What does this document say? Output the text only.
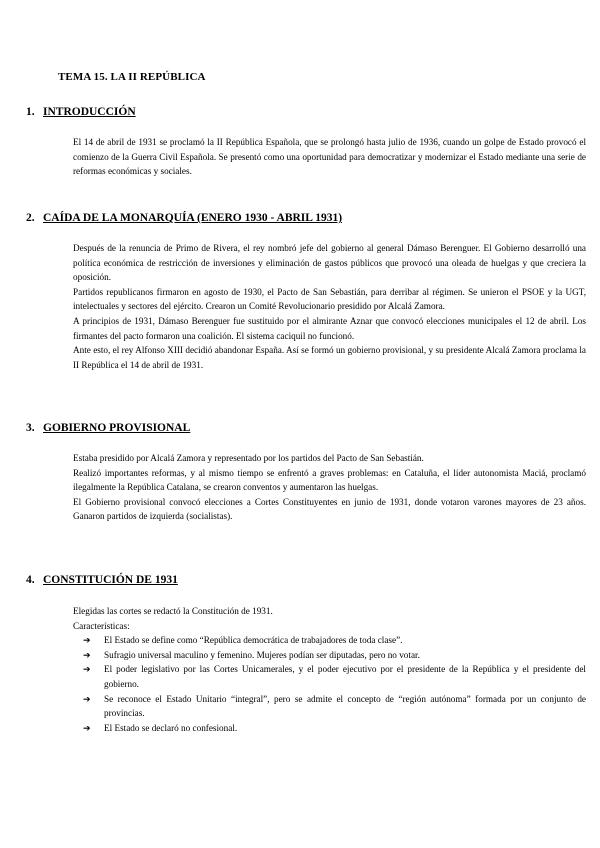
TEMA 15. LA II REPÚBLICA
1. INTRODUCCIÓN

El 14 de abril de 1931 se proclamó la II República Española, que se prolongó hasta julio de 1936, cuando un golpe de Estado provocó el comienzo de la Guerra Civil Española. Se presentó como una oportunidad para democratizar y modernizar el Estado mediante una serie de reformas económicas y sociales.

2. CAÍDA DE LA MONARQUÍA (ENERO 1930 - ABRIL 1931)

Después de la renuncia de Primo de Rivera, el rey nombró jefe del gobierno al general Dámaso Berenguer. El Gobierno desarrolló una política económica de restricción de inversiones y eliminación de gastos públicos que provocó una oleada de huelgas y que creciera la oposición.

Partidos republicanos firmaron en agosto de 1930, el Pacto de San Sebastián, para derribar al régimen. Se unieron el PSOE y la UGT, intelectuales y sectores del ejército. Crearon un Comité Revolucionario presidido por Alcalá Zamora.

A principios de 1931, Dámaso Berenguer fue sustituido por el almirante Aznar que convocó elecciones municipales el 12 de abril. Los firmantes del pacto formaron una coalición. El sistema caciquil no funcionó.

Ante esto, el rey Alfonso XIII decidió abandonar España. Así se formó un gobierno provisional, y su presidente Alcalá Zamora proclama la II República el 14 de abril de 1931.

3. GOBIERNO PROVISIONAL

Estaba presidido por Alcalá Zamora y representado por los partidos del Pacto de San Sebastián.

Realizó importantes reformas, y al mismo tiempo se enfrentó a graves problemas: en Cataluña, el líder autonomista Maciá, proclamó ilegalmente la República Catalana, se crearon conventos y aumentaron las huelgas.

El Gobierno provisional convocó elecciones a Cortes Constituyentes en junio de 1931, donde votaron varones mayores de 23 años. Ganaron partidos de izquierda (socialistas).

4. CONSTITUCIÓN DE 1931

Elegidas las cortes se redactó la Constitución de 1931.

Características:

➔ El Estado se define como “República democrática de trabajadores de toda clase”.
➔ Sufragio universal maculino y femenino. Mujeres podían ser diputadas, pero no votar.
➔ El poder legislativo por las Cortes Unicamerales, y el poder ejecutivo por el presidente de la República y el presidente del gobierno.
➔ Se reconoce el Estado Unitario “integral”, pero se admite el concepto de “región autónoma” formada por un conjunto de provincias.
➔ El Estado se declaró no confesional.
